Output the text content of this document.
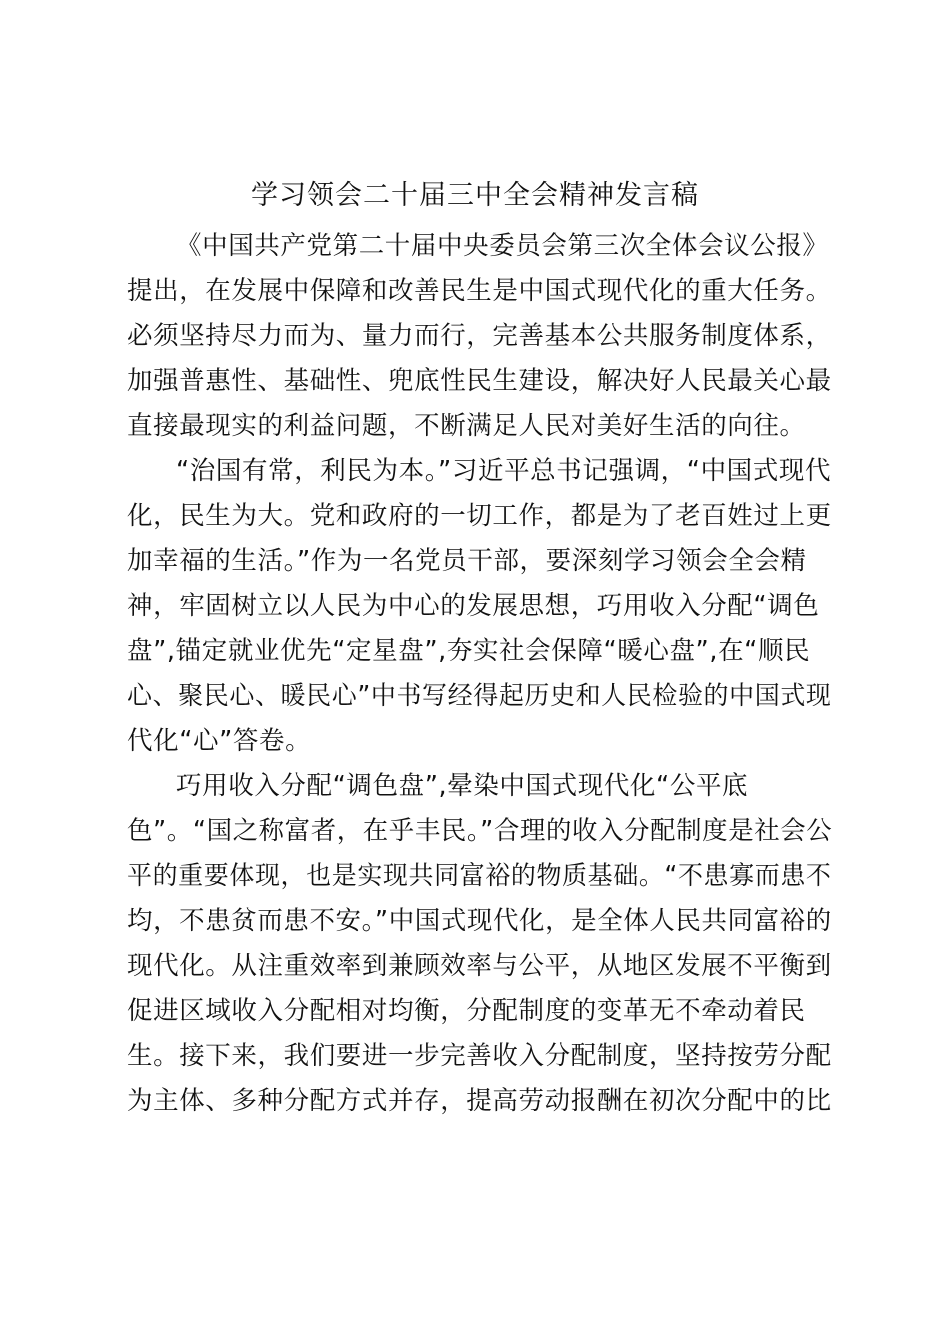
学习领会二十届三中全会精神发言稿
《中国共产党第二十届中央委员会第三次全体会议公报》
提出，在发展中保障和改善民生是中国式现代化的重大任务。
必须坚持尽力而为、量力而行，完善基本公共服务制度体系，
加强普惠性、基础性、兜底性民生建设，解决好人民最关心最
直接最现实的利益问题，不断满足人民对美好生活的向往。
“治国有常，利民为本。”习近平总书记强调，“中国式现代
化，民生为大。党和政府的一切工作，都是为了老百姓过上更
加幸福的生活。”作为一名党员干部，要深刻学习领会全会精
神，牢固树立以人民为中心的发展思想，巧用收入分配“调色
盘”,锚定就业优先“定星盘”,夯实社会保障“暖心盘”,在“顺民
心、聚民心、暖民心”中书写经得起历史和人民检验的中国式现
代化“心”答卷。
巧用收入分配“调色盘”,晕染中国式现代化“公平底
色”。“国之称富者，在乎丰民。”合理的收入分配制度是社会公
平的重要体现，也是实现共同富裕的物质基础。“不患寡而患不
均，不患贫而患不安。”中国式现代化，是全体人民共同富裕的
现代化。从注重效率到兼顾效率与公平，从地区发展不平衡到
促进区域收入分配相对均衡，分配制度的变革无不牵动着民
生。接下来，我们要进一步完善收入分配制度，坚持按劳分配
为主体、多种分配方式并存，提高劳动报酬在初次分配中的比
